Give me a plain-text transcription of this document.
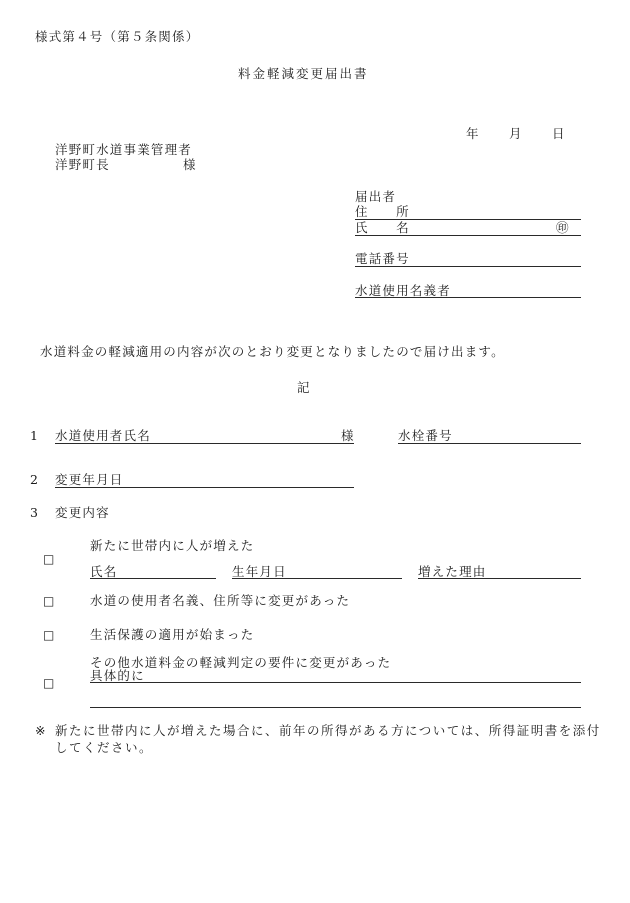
様式第４号（第５条関係）
料金軽減変更届出書
年 月 日
洋野町水道事業管理者
洋野町長	様
届出者
住　　所
氏　　名	㊞
電話番号
水道使用名義者
水道料金の軽減適用の内容が次のとおり変更となりましたので届け出ます。
記
1 水道使用者氏名	様	水栓番号
2 変更年月日
3 変更内容
新たに世帯内に人が増えた
□
氏名	生年月日	増えた理由
□	水道の使用者名義、住所等に変更があった
□	生活保護の適用が始まった
その他水道料金の軽減判定の要件に変更があった
具体的に
□
※ 新たに世帯内に人が増えた場合に、前年の所得がある方については、所得証明書を添付
してください。
